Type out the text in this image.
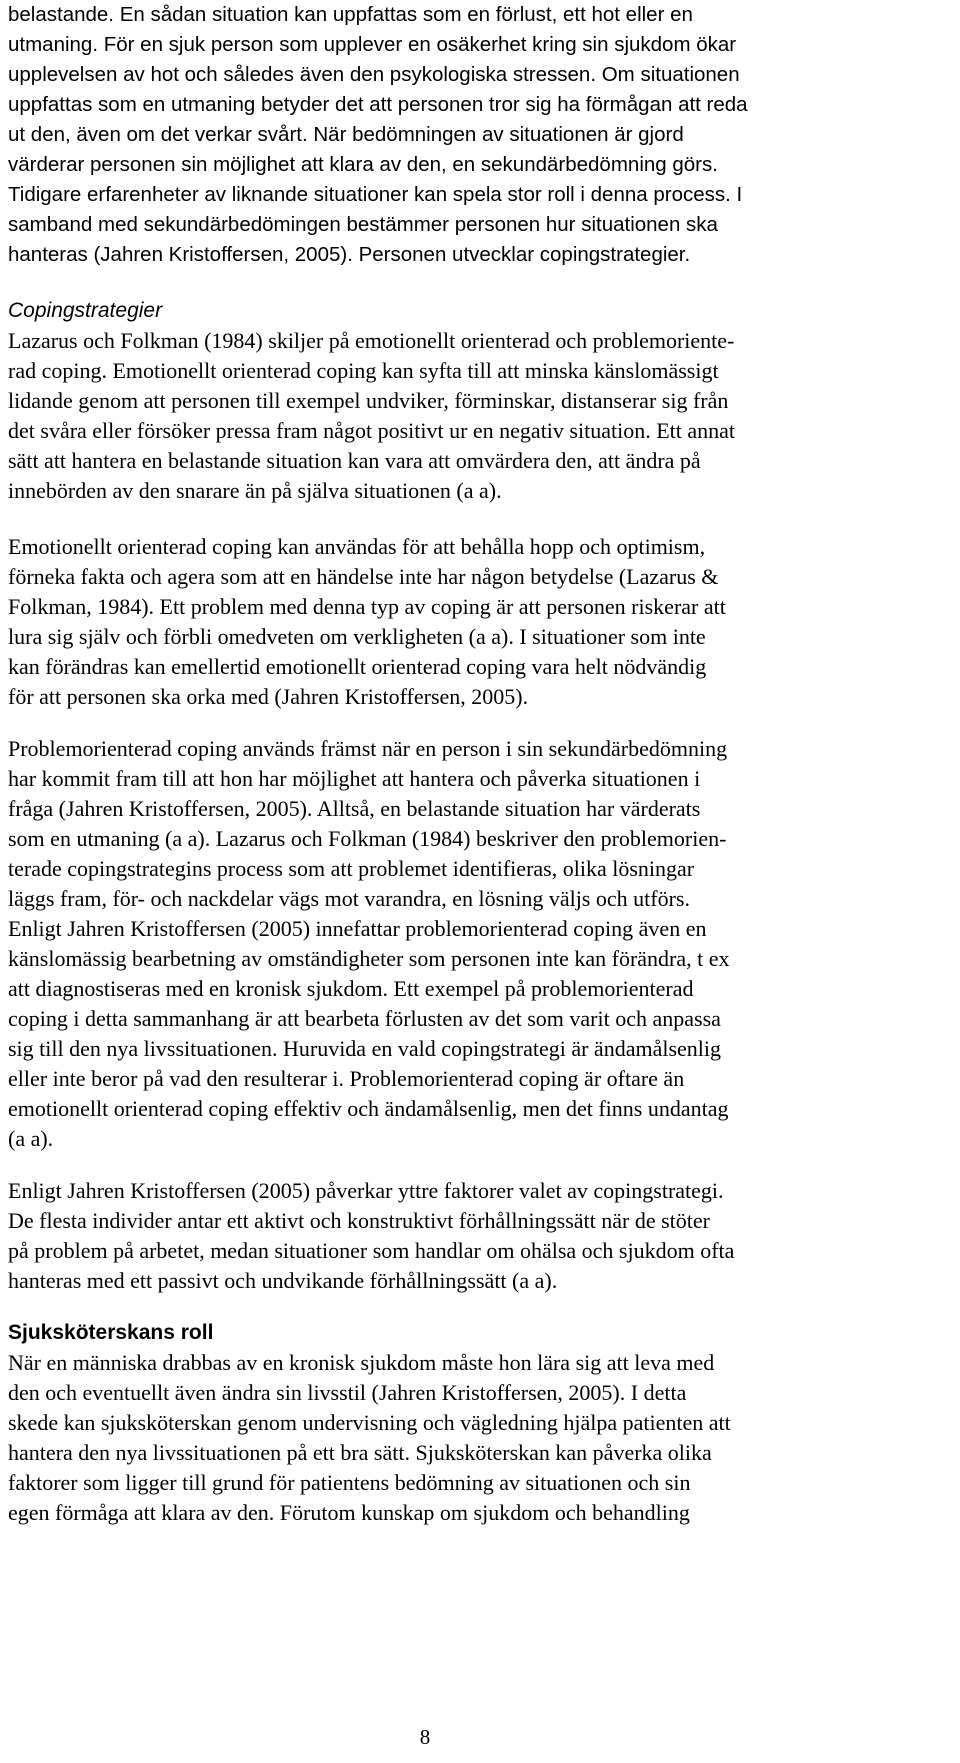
belastande. En sådan situation kan uppfattas som en förlust, ett hot eller en
utmaning. För en sjuk person som upplever en osäkerhet kring sin sjukdom ökar
upplevelsen av hot och således även den psykologiska stressen. Om situationen
uppfattas som en utmaning betyder det att personen tror sig ha förmågan att reda
ut den, även om det verkar svårt. När bedömningen av situationen är gjord
värderar personen sin möjlighet att klara av den, en sekundärbedömning görs.
Tidigare erfarenheter av liknande situationer kan spela stor roll i denna process. I
samband med sekundärbedömingen bestämmer personen hur situationen ska
hanteras (Jahren Kristoffersen, 2005). Personen utvecklar copingstrategier.

Copingstrategier

Lazarus och Folkman (1984) skiljer på emotionellt orienterad och problemoriente-
rad coping. Emotionellt orienterad coping kan syfta till att minska känslomässigt
lidande genom att personen till exempel undviker, förminskar, distanserar sig från
det svåra eller försöker pressa fram något positivt ur en negativ situation. Ett annat
sätt att hantera en belastande situation kan vara att omvärdera den, att ändra på
innebörden av den snarare än på själva situationen (a a).
Emotionellt orienterad coping kan användas för att behålla hopp och optimism,
förneka fakta och agera som att en händelse inte har någon betydelse (Lazarus &
Folkman, 1984). Ett problem med denna typ av coping är att personen riskerar att
lura sig själv och förbli omedveten om verkligheten (a a). I situationer som inte
kan förändras kan emellertid emotionellt orienterad coping vara helt nödvändig
för att personen ska orka med (Jahren Kristoffersen, 2005).
Problemorienterad coping används främst när en person i sin sekundärbedömning
har kommit fram till att hon har möjlighet att hantera och påverka situationen i
fråga (Jahren Kristoffersen, 2005). Alltså, en belastande situation har värderats
som en utmaning (a a). Lazarus och Folkman (1984) beskriver den problemorien-
terade copingstrategins process som att problemet identifieras, olika lösningar
läggs fram, för- och nackdelar vägs mot varandra, en lösning väljs och utförs.
Enligt Jahren Kristoffersen (2005) innefattar problemorienterad coping även en
känslomässig bearbetning av omständigheter som personen inte kan förändra, t ex
att diagnostiseras med en kronisk sjukdom. Ett exempel på problemorienterad
coping i detta sammanhang är att bearbeta förlusten av det som varit och anpassa
sig till den nya livssituationen. Huruvida en vald copingstrategi är ändamålsenlig
eller inte beror på vad den resulterar i. Problemorienterad coping är oftare än
emotionellt orienterad coping effektiv och ändamålsenlig, men det finns undantag
(a a).
Enligt Jahren Kristoffersen (2005) påverkar yttre faktorer valet av copingstrategi.
De flesta individer antar ett aktivt och konstruktivt förhållningssätt när de stöter
på problem på arbetet, medan situationer som handlar om ohälsa och sjukdom ofta
hanteras med ett passivt och undvikande förhållningssätt (a a).

Sjuksköterskans roll

När en människa drabbas av en kronisk sjukdom måste hon lära sig att leva med
den och eventuellt även ändra sin livsstil (Jahren Kristoffersen, 2005). I detta
skede kan sjuksköterskan genom undervisning och vägledning hjälpa patienten att
hantera den nya livssituationen på ett bra sätt. Sjuksköterskan kan påverka olika
faktorer som ligger till grund för patientens bedömning av situationen och sin
egen förmåga att klara av den. Förutom kunskap om sjukdom och behandling
8
